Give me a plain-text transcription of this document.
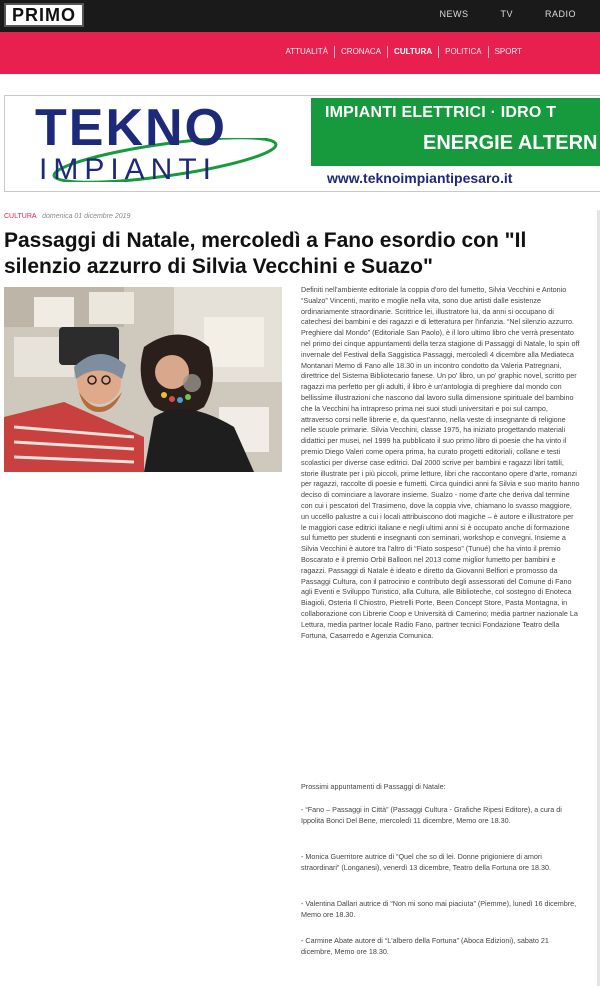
PRIMO	NEWS	TV	RADIO
ATTUALITÀ	CRONACA	CULTURA	POLITICA	SPORT
TEKNO
IMPIANTI
IMPIANTI ELETTRICI · IDRO T
ENERGIE ALTERN
www.teknoimpiantipesaro.it
CULTURA domenica 01 dicembre 2019
Passaggi di Natale, mercoledì a Fano esordio con "Il silenzio azzurro di Silvia Vecchini e Suazo"

Definiti nell'ambiente editoriale la coppia d'oro del fumetto, Silvia Vecchini e Antonio “Sualzo” Vincenti, marito e moglie nella vita, sono due artisti dalle esistenze ordinariamente straordinarie. Scrittrice lei, illustratore lui, da anni si occupano di catechesi dei bambini e dei ragazzi e di letteratura per l'infanzia. “Nel silenzio azzurro. Preghiere dal Mondo” (Editoriale San Paolo), è il loro ultimo libro che verrà presentato nel primo dei cinque appuntamenti della terza stagione di Passaggi di Natale, lo spin off invernale del Festival della Saggistica Passaggi, mercoledì 4 dicembre alla Mediateca Montanari Memo di Fano alle 18.30 in un incontro condotto da Valeria Patregnani, direttrice del Sistema Bibliotecario fanese. Un po' libro, un po' graphic novel, scritto per ragazzi ma perfetto per gli adulti, il libro è un'antologia di preghiere dal mondo con bellissime illustrazioni che nascono dal lavoro sulla dimensione spirituale del bambino che la Vecchini ha intrapreso prima nei suoi studi universitari e poi sul campo, attraverso corsi nelle librerie e, da quest'anno, nella veste di insegnante di religione nelle scuole primarie. Silvia Vecchini, classe 1975, ha iniziato progettando materiali didattici per musei, nel 1999 ha pubblicato il suo primo libro di poesie che ha vinto il premio Diego Valeri come opera prima, ha curato progetti editoriali, collane e testi scolastici per diverse case editrici. Dal 2000 scrive per bambini e ragazzi libri tattili, storie illustrate per i più piccoli, prime letture, libri che raccontano opere d'arte, romanzi per ragazzi, raccolte di poesie e fumetti. Circa quindici anni fa Silvia e suo marito hanno deciso di cominciare a lavorare insieme. Sualzo - nome d'arte che deriva dal termine con cui i pescatori del Trasimeno, dove la coppia vive, chiamano lo svasso maggiore, un uccello palustre a cui i locali attribuiscono doti magiche – è autore e illustratore per le maggiori case editrici italiane e negli ultimi anni si è occupato anche di formazione sul fumetto per studenti e insegnanti con seminari, workshop e convegni. Insieme a Silvia Vecchini è autore tra l'altro di “Fiato sospeso” (Tunué) che ha vinto il premio Boscarato e il premio Orbil Balloon nel 2013 come miglior fumetto per bambini e ragazzi. Passaggi di Natale è ideato e diretto da Giovanni Belfiori e promosso da Passaggi Cultura, con il patrocinio e contributo degli assessorati del Comune di Fano agli Eventi e Sviluppo Turistico, alla Cultura, alle Biblioteche, col sostegno di Enoteca Biagioli, Osteria Il Chiostro, Pietrelli Porte, Been Concept Store, Pasta Montagna, in collaborazione con Librerie Coop e Università di Camerino; media partner nazionale La Lettura, media partner locale Radio Fano, partner tecnici Fondazione Teatro della Fortuna, Casarredo e Agenzia Comunica.

Prossimi appuntamenti di Passaggi di Natale:
- “Fano – Passaggi in Città” (Passaggi Cultura - Grafiche Ripesi Editore), a cura di Ippolita Bonci Del Bene, mercoledì 11 dicembre, Memo ore 18.30.
- Monica Guerritore autrice di “Quel che so di lei. Donne prigioniere di amori straordinari” (Longanesi), venerdì 13 dicembre, Teatro della Fortuna ore 18.30.
- Valentina Dallari autrice di “Non mi sono mai piaciuta” (Piemme), lunedì 16 dicembre, Memo ore 18.30.
- Carmine Abate autore di “L'albero della Fortuna” (Aboca Edizioni), sabato 21 dicembre, Memo ore 18.30.
